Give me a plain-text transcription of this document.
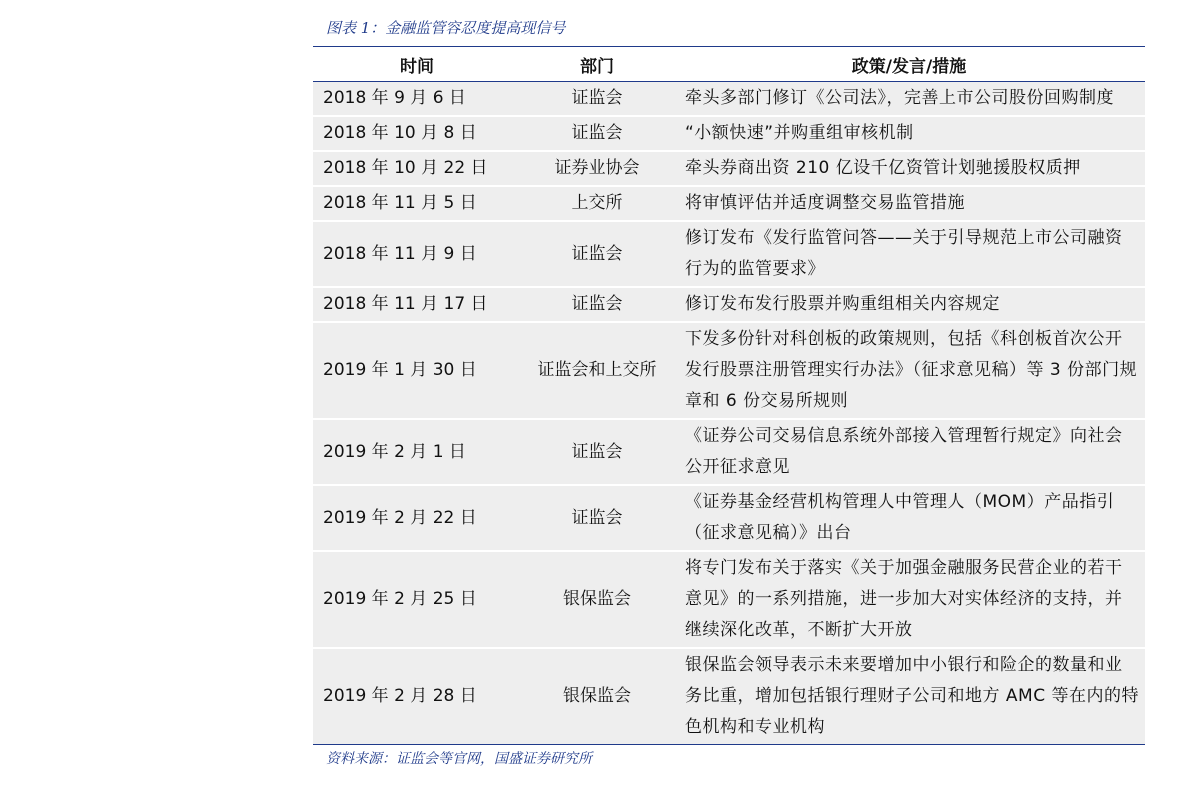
图表 1：金融监管容忍度提高现信号
时间	部门	政策/发言/措施
2018 年 9 月 6 日	证监会	牵头多部门修订《公司法》，完善上市公司股份回购制度
2018 年 10 月 8 日	证监会	“小额快速”并购重组审核机制
2018 年 10 月 22 日	证券业协会	牵头券商出资 210 亿设千亿资管计划驰援股权质押
2018 年 11 月 5 日	上交所	将审慎评估并适度调整交易监管措施
2018 年 11 月 9 日	证监会	修订发布《发行监管问答——关于引导规范上市公司融资行为的监管要求》
2018 年 11 月 17 日	证监会	修订发布发行股票并购重组相关内容规定
2019 年 1 月 30 日	证监会和上交所	下发多份针对科创板的政策规则，包括《科创板首次公开发行股票注册管理实行办法》（征求意见稿）等 3 份部门规章和 6 份交易所规则
2019 年 2 月 1 日	证监会	《证券公司交易信息系统外部接入管理暂行规定》向社会公开征求意见
2019 年 2 月 22 日	证监会	《证券基金经营机构管理人中管理人（MOM）产品指引（征求意见稿）》出台
2019 年 2 月 25 日	银保监会	将专门发布关于落实《关于加强金融服务民营企业的若干意见》的一系列措施，进一步加大对实体经济的支持，并继续深化改革，不断扩大开放
2019 年 2 月 28 日	银保监会	银保监会领导表示未来要增加中小银行和险企的数量和业务比重，增加包括银行理财子公司和地方 AMC 等在内的特色机构和专业机构
资料来源：证监会等官网，国盛证券研究所
